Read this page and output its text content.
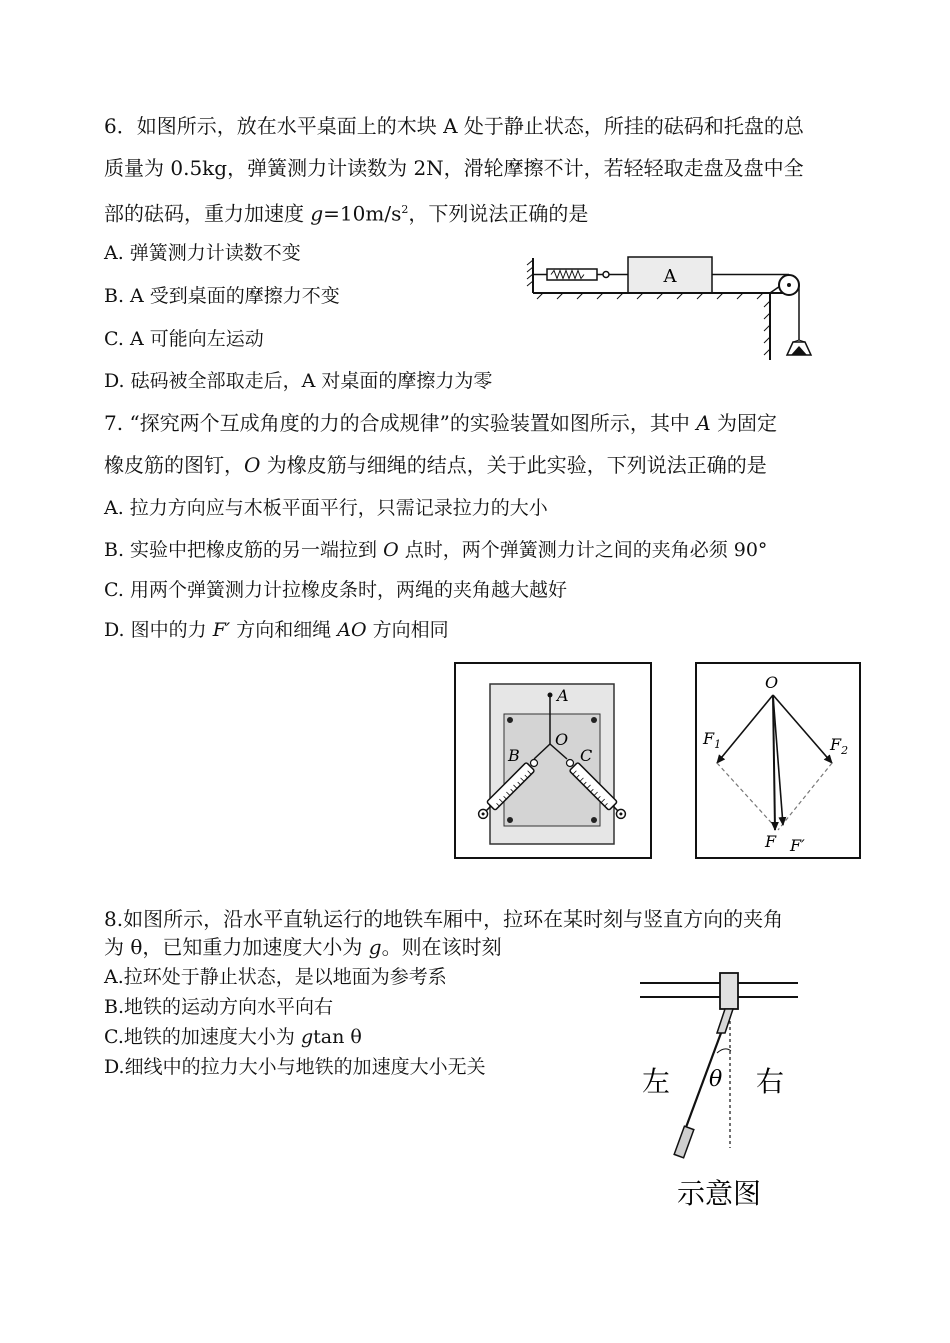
6．如图所示，放在水平桌面上的木块 A 处于静止状态，所挂的砝码和托盘的总
质量为 0.5kg，弹簧测力计读数为 2N，滑轮摩擦不计，若轻轻取走盘及盘中全
部的砝码，重力加速度 $g=10m/s^2$，下列说法正确的是
A. 弹簧测力计读数不变
B. A 受到桌面的摩擦力不变
C. A 可能向左运动
D. 砝码被全部取走后，A 对桌面的摩擦力为零
A
7. “探究两个互成角度的力的合成规律”的实验装置如图所示，其中 A 为固定
橡皮筋的图钉，O 为橡皮筋与细绳的结点，关于此实验，下列说法正确的是
A. 拉力方向应与木板平面平行，只需记录拉力的大小
B. 实验中把橡皮筋的另一端拉到 O 点时，两个弹簧测力计之间的夹角必须 90°
C. 用两个弹簧测力计拉橡皮条时，两绳的夹角越大越好
D. 图中的力 F′ 方向和细绳 AO 方向相同
A
O
B	C
O
$F_1$	$F_2$
F F′
8.如图所示，沿水平直轨运行的地铁车厢中，拉环在某时刻与竖直方向的夹角
为 θ，已知重力加速度大小为 g。则在该时刻
A.拉环处于静止状态，是以地面为参考系
B.地铁的运动方向水平向右
C.地铁的加速度大小为 gtan θ
D.细线中的拉力大小与地铁的加速度大小无关	左	右
θ
示意图
